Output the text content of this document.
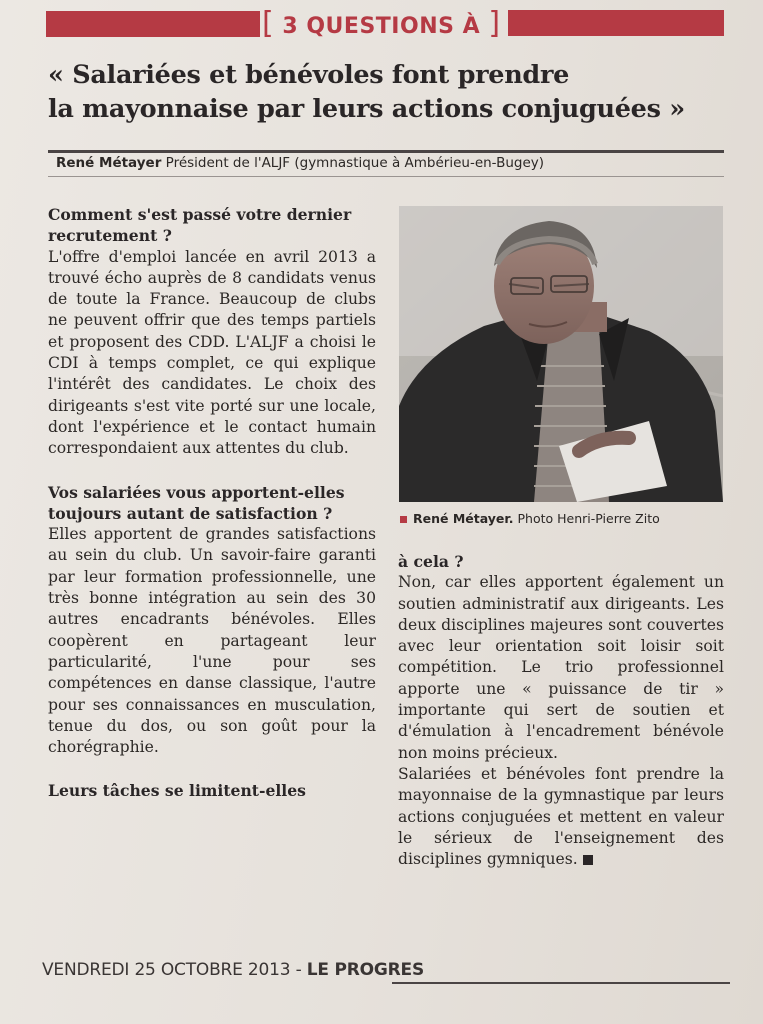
[ 3 QUESTIONS À ]
« Salariées et bénévoles font prendre
la mayonnaise par leurs actions conjuguées »
René Métayer Président de l'ALJF (gymnastique à Ambérieu-en-Bugey)

Comment s'est passé votre dernier recrutement ?

L'offre d'emploi lancée en avril 2013 a trouvé écho auprès de 8 candidats venus de toute la France. Beaucoup de clubs ne peuvent offrir que des temps partiels et proposent des CDD. L'ALJF a choisi le CDI à temps complet, ce qui explique l'intérêt des candidates. Le choix des dirigeants s'est vite porté sur une locale, dont l'expérience et le contact humain correspondaient aux attentes du club.

Vos salariées vous apportent-elles toujours autant de satisfaction ?

Elles apportent de grandes satisfactions au sein du club. Un savoir-faire garanti par leur formation professionnelle, une très bonne intégration au sein des 30 autres encadrants bénévoles. Elles coopèrent en partageant leur particularité, l'une pour ses compétences en danse classique, l'autre pour ses connaissances en musculation, tenue du dos, ou son goût pour la chorégraphie.

Leurs tâches se limitent-elles

René Métayer. Photo Henri-Pierre Zito

à cela ?

Non, car elles apportent également un soutien administratif aux dirigeants. Les deux disciplines majeures sont couvertes avec leur orientation soit loisir soit compétition. Le trio professionnel apporte une « puissance de tir » importante qui sert de soutien et d'émulation à l'encadrement bénévole non moins précieux.

Salariées et bénévoles font prendre la mayonnaise de la gymnastique par leurs actions conjuguées et mettent en valeur le sérieux de l'enseignement des disciplines gymniques.

VENDREDI 25 OCTOBRE 2013 - LE PROGRES
